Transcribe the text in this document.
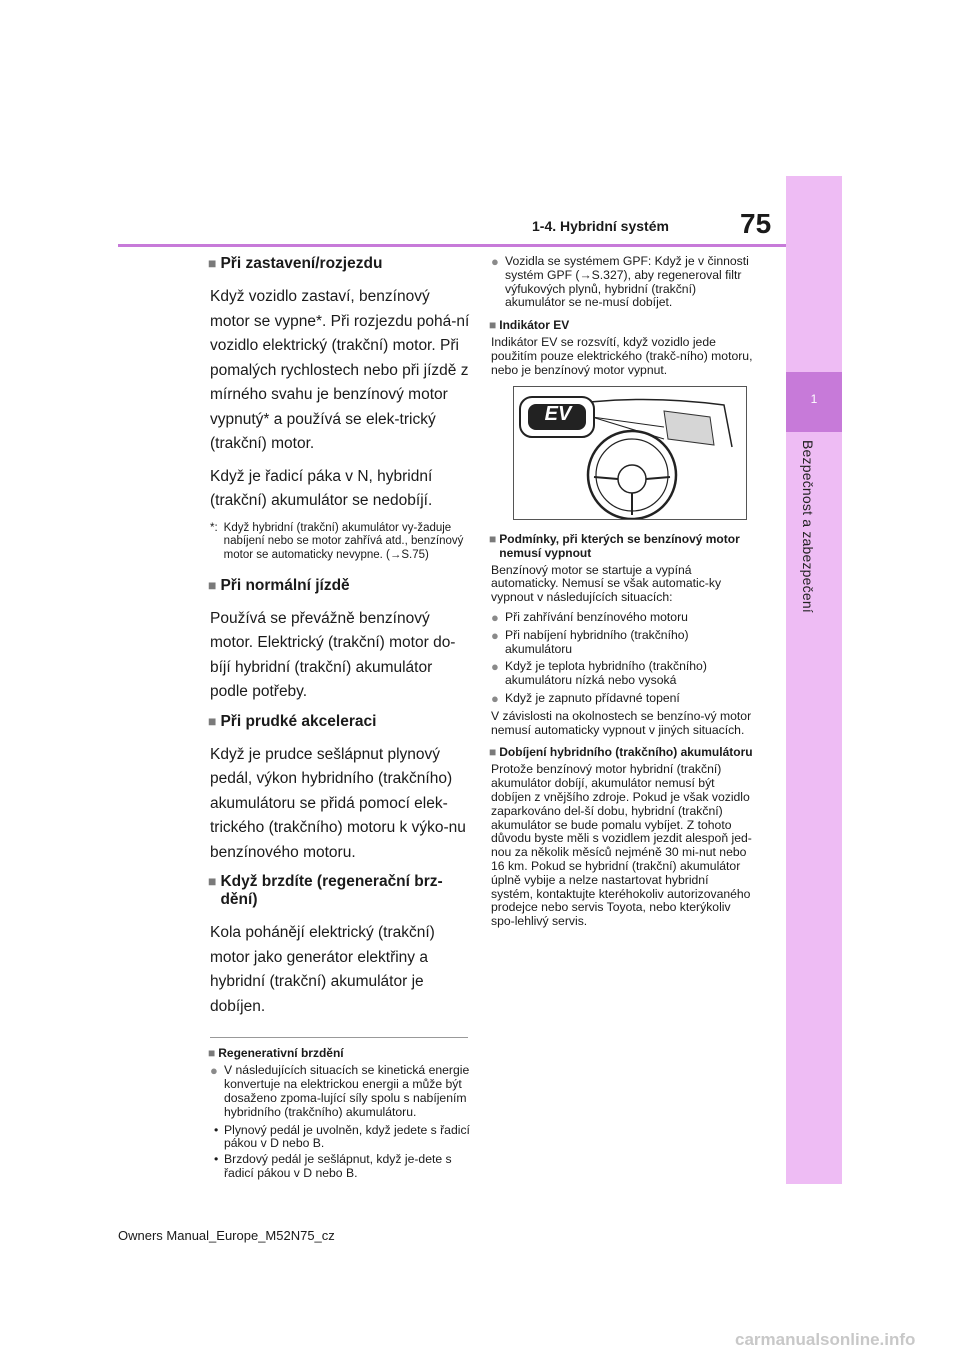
1
Bezpečnost a zabezpečení
1-4. Hybridní systém	75
■ Při zastavení/rozjezdu

Když vozidlo zastaví, benzínový motor se vypne*. Při rozjezdu pohá-ní vozidlo elektrický (trakční) motor. Při pomalých rychlostech nebo při jízdě z mírného svahu je benzínový motor vypnutý* a používá se elek-trický (trakční) motor.

Když je řadicí páka v N, hybridní (trakční) akumulátor se nedobíjí.

*: Když hybridní (trakční) akumulátor vy-žaduje nabíjení nebo se motor zahřívá atd., benzínový motor se automaticky nevypne. (→S.75)
■ Při normální jízdě

Používá se převážně benzínový motor. Elektrický (trakční) motor do-bíjí hybridní (trakční) akumulátor podle potřeby.

■ Při prudké akceleraci

Když je prudce sešlápnut plynový pedál, výkon hybridního (trakčního) akumulátoru se přidá pomocí elek-trického (trakčního) motoru k výko-nu benzínového motoru.

■ Když brzdíte (regenerační brz-dění)

Kola pohánějí elektrický (trakční) motor jako generátor elektřiny a hybridní (trakční) akumulátor je dobíjen.

■ Regenerativní brzdění
● V následujících situacích se kinetická energie konvertuje na elektrickou energii a může být dosaženo zpoma-lující síly spolu s nabíjením hybridního (trakčního) akumulátoru.
• Plynový pedál je uvolněn, když jedete s řadicí pákou v D nebo B.
• Brzdový pedál je sešlápnut, když je-dete s řadicí pákou v D nebo B.
● Vozidla se systémem GPF: Když je v činnosti systém GPF (→S.327), aby regeneroval filtr výfukových plynů, hybridní (trakční) akumulátor se ne-musí dobíjet.
■ Indikátor EV

Indikátor EV se rozsvítí, když vozidlo jede použitím pouze elektrického (trakč-ního) motoru, nebo je benzínový motor vypnut.

EV
■ Podmínky, při kterých se benzínový motor nemusí vypnout

Benzínový motor se startuje a vypíná automaticky. Nemusí se však automatic-ky vypnout v následujících situacích:

● Při zahřívání benzínového motoru
● Při nabíjení hybridního (trakčního) akumulátoru
● Když je teplota hybridního (trakčního) akumulátoru nízká nebo vysoká
● Když je zapnuto přídavné topení

V závislosti na okolnostech se benzíno-vý motor nemusí automaticky vypnout v jiných situacích.

■ Dobíjení hybridního (trakčního) akumulátoru

Protože benzínový motor hybridní (trakční) akumulátor dobíjí, akumulátor nemusí být dobíjen z vnějšího zdroje. Pokud je však vozidlo zaparkováno del-ší dobu, hybridní (trakční) akumulátor se bude pomalu vybíjet. Z tohoto důvodu byste měli s vozidlem jezdit alespoň jed-nou za několik měsíců nejméně 30 mi-nut nebo 16 km. Pokud se hybridní (trakční) akumulátor úplně vybije a nelze nastartovat hybridní systém, kontaktujte kteréhokoliv autorizovaného prodejce nebo servis Toyota, nebo kterýkoliv spo-lehlivý servis.

Owners Manual_Europe_M52N75_cz
carmanualsonline.info
